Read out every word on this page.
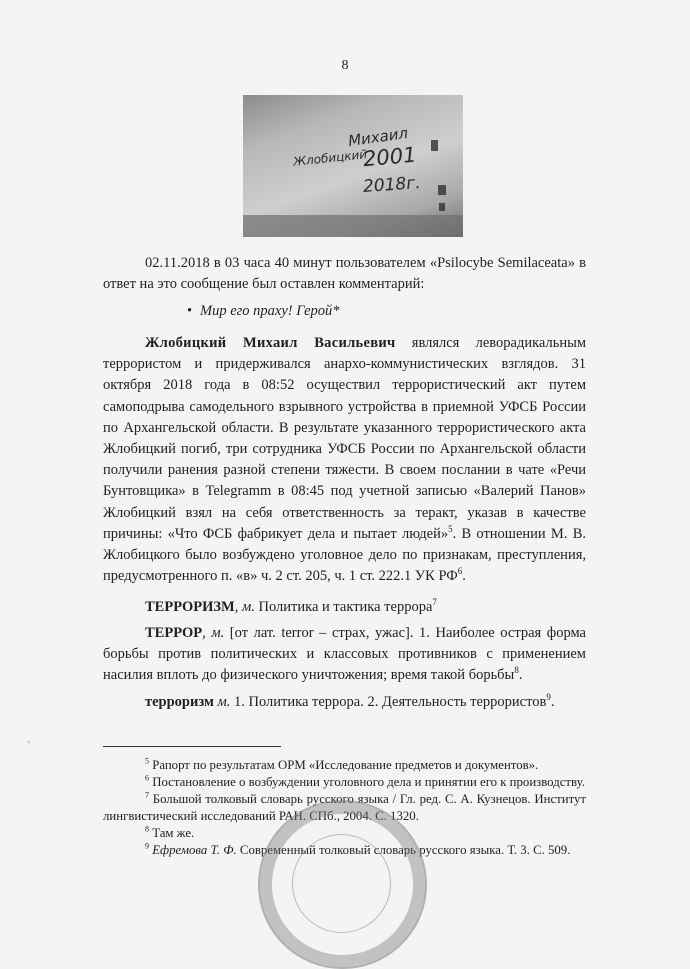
8
Михаил
Жлобицкий
2001
2018г.

02.11.2018 в 03 часа 40 минут пользователем «Psilocybe Semilaceata» в ответ на это сообщение был оставлен комментарий:

• Мир его праху! Герой*

Жлобицкий Михаил Васильевич являлся леворадикальным террористом и придерживался анархо-коммунистических взглядов. 31 октября 2018 года в 08:52 осуществил террористический акт путем самоподрыва самодельного взрывного устройства в приемной УФСБ России по Архангельской области. В результате указанного террористического акта Жлобицкий погиб, три сотрудника УФСБ России по Архангельской области получили ранения разной степени тяжести. В своем послании в чате «Речи Бунтовщика» в Telegramm в 08:45 под учетной записью «Валерий Панов» Жлобицкий взял на себя ответственность за теракт, указав в качестве причины: «Что ФСБ фабрикует дела и пытает людей»$^5$. В отношении М. В. Жлобицкого было возбуждено уголовное дело по признакам, преступления, предусмотренного п. «в» ч. 2 ст. 205, ч. 1 ст. 222.1 УК $РФ^6$.

ТЕРРОРИЗМ, м. Политика и тактика террора$^7$

ТЕРРОР, м. [от лат. terror – страх, ужас]. 1. Наиболее острая форма борьбы против политических и классовых противников с применением насилия вплоть до физического уничтожения; время такой борьбы$^8$.

терроризм м. 1. Политика террора. 2. Деятельность террористов$^9$.

$^5$ Рапорт по результатам ОРМ «Исследование предметов и документов».

$^6$ Постановление о возбуждении уголовного дела и принятии его к производству.

$^7$ Большой толковый словарь русского языка / Гл. ред. С. А. Кузнецов. Институт лингвистический исследований РАН. СПб., 2004. С. 1320.

$^8$ Там же.

$^9$ Ефремова Т. Ф. Современный толковый словарь русского языка. Т. 3. С. 509.

ʼ
